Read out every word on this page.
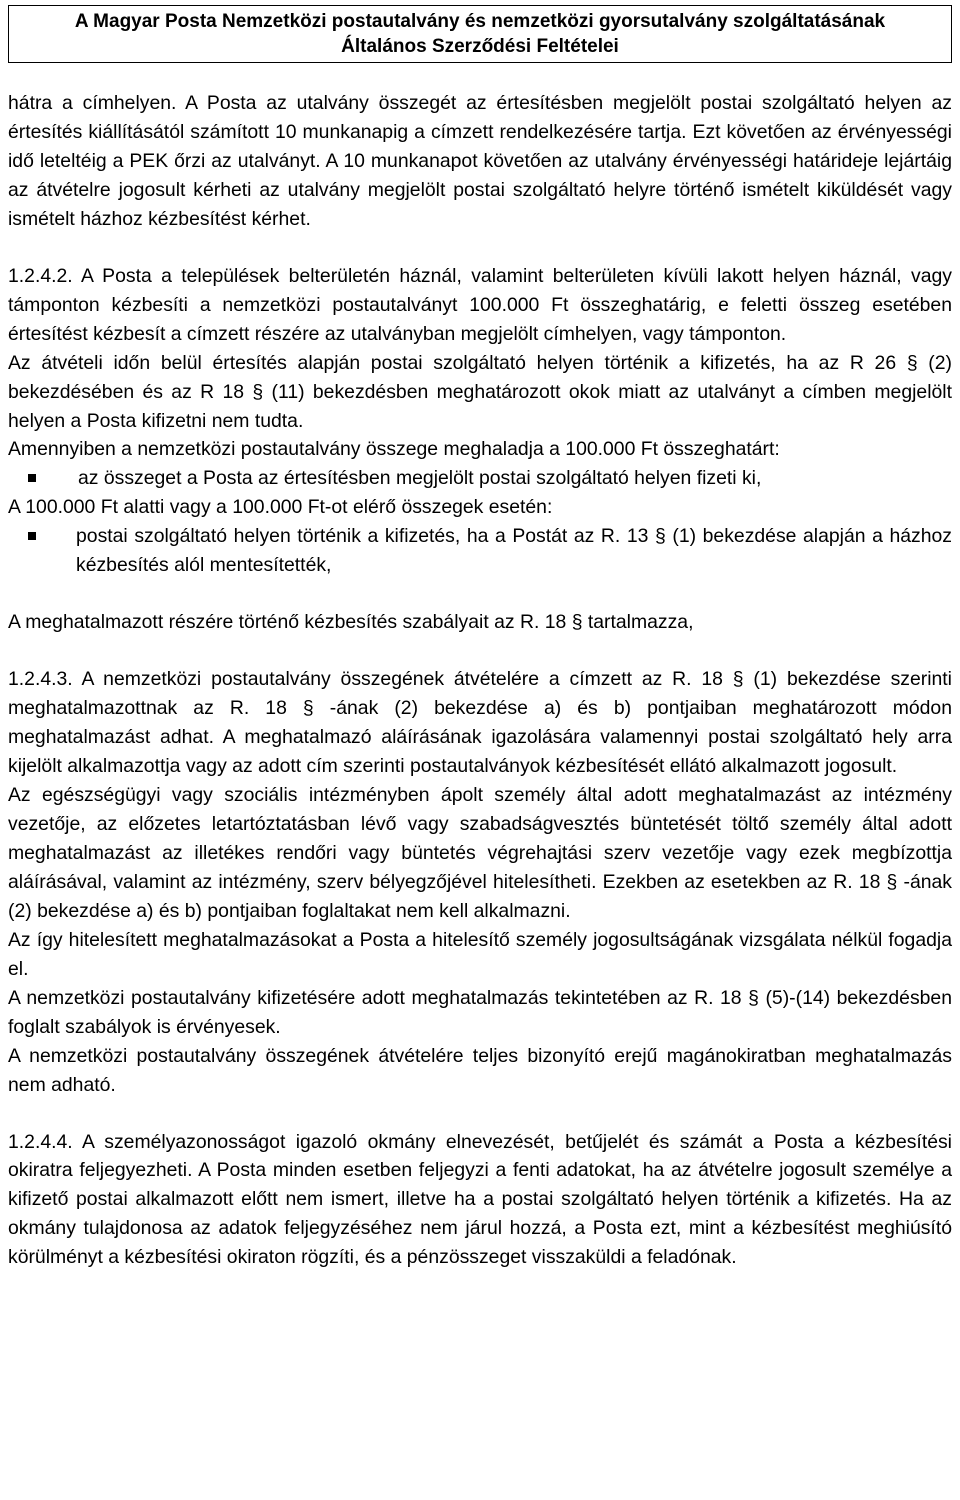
A Magyar Posta Nemzetközi postautalvány és nemzetközi gyorsutalvány szolgáltatásának
Általános Szerződési Feltételei

hátra a címhelyen. A Posta az utalvány összegét az értesítésben megjelölt postai szolgáltató helyen az értesítés kiállításától számított 10 munkanapig a címzett rendelkezésére tartja. Ezt követően az érvényességi idő leteltéig a PEK őrzi az utalványt. A 10 munkanapot követően az utalvány érvényességi határideje lejártáig az átvételre jogosult kérheti az utalvány megjelölt postai szolgáltató helyre történő ismételt kiküldését vagy ismételt házhoz kézbesítést kérhet.

1.2.4.2. A Posta a települések belterületén háznál, valamint belterületen kívüli lakott helyen háznál, vagy támponton kézbesíti a nemzetközi postautalványt 100.000 Ft összeghatárig, e feletti összeg esetében értesítést kézbesít a címzett részére az utalványban megjelölt címhelyen, vagy támponton.

Az átvételi időn belül értesítés alapján postai szolgáltató helyen történik a kifizetés, ha az R 26 § (2) bekezdésében és az R 18 § (11) bekezdésben meghatározott okok miatt az utalványt a címben megjelölt helyen a Posta kifizetni nem tudta.

Amennyiben a nemzetközi postautalvány összege meghaladja a 100.000 Ft összeghatárt:

az összeget a Posta az értesítésben megjelölt postai szolgáltató helyen fizeti ki,

A 100.000 Ft alatti vagy a 100.000 Ft-ot elérő összegek esetén:

postai szolgáltató helyen történik a kifizetés, ha a Postát az R. 13 § (1) bekezdése alapján a házhoz kézbesítés alól mentesítették,

A meghatalmazott részére történő kézbesítés szabályait az R. 18 § tartalmazza,

1.2.4.3. A nemzetközi postautalvány összegének átvételére a címzett az R. 18 § (1) bekezdése szerinti meghatalmazottnak az R. 18 § -ának (2) bekezdése a) és b) pontjaiban meghatározott módon meghatalmazást adhat. A meghatalmazó aláírásának igazolására valamennyi postai szolgáltató hely arra kijelölt alkalmazottja vagy az adott cím szerinti postautalványok kézbesítését ellátó alkalmazott jogosult.

Az egészségügyi vagy szociális intézményben ápolt személy által adott meghatalmazást az intézmény vezetője, az előzetes letartóztatásban lévő vagy szabadságvesztés büntetését töltő személy által adott meghatalmazást az illetékes rendőri vagy büntetés végrehajtási szerv vezetője vagy ezek megbízottja aláírásával, valamint az intézmény, szerv bélyegzőjével hitelesítheti. Ezekben az esetekben az R. 18 § -ának (2) bekezdése a) és b) pontjaiban foglaltakat nem kell alkalmazni.

Az így hitelesített meghatalmazásokat a Posta a hitelesítő személy jogosultságának vizsgálata nélkül fogadja el.

A nemzetközi postautalvány kifizetésére adott meghatalmazás tekintetében az R. 18 § (5)-(14) bekezdésben foglalt szabályok is érvényesek.

A nemzetközi postautalvány összegének átvételére teljes bizonyító erejű magánokiratban meghatalmazás nem adható.

1.2.4.4. A személyazonosságot igazoló okmány elnevezését, betűjelét és számát a Posta a kézbesítési okiratra feljegyezheti. A Posta minden esetben feljegyzi a fenti adatokat, ha az átvételre jogosult személye a kifizető postai alkalmazott előtt nem ismert, illetve ha a postai szolgáltató helyen történik a kifizetés. Ha az okmány tulajdonosa az adatok feljegyzéséhez nem járul hozzá, a Posta ezt, mint a kézbesítést meghiúsító körülményt a kézbesítési okiraton rögzíti, és a pénzösszeget visszaküldi a feladónak.
